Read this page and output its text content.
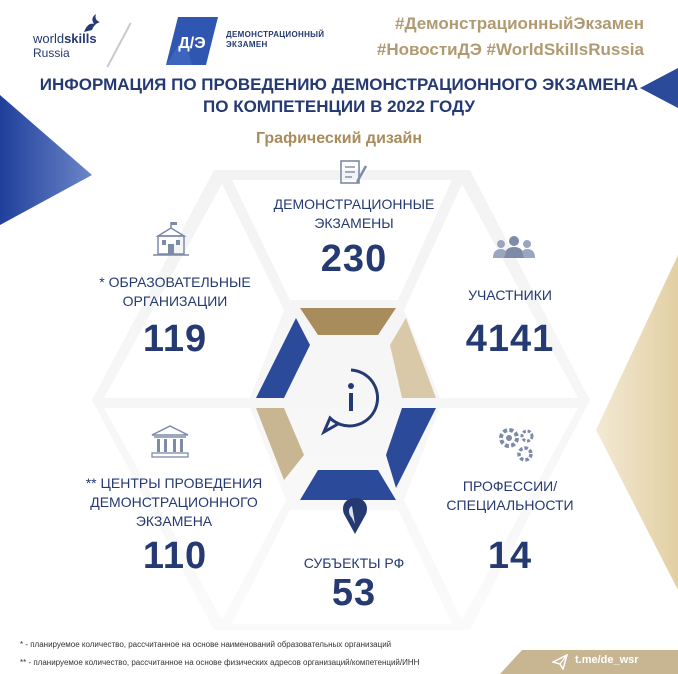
worldskills
Russia
Д/Э
ДЕМОНСТРАЦИОННЫЙ
ЭКЗАМЕН
#ДемонстрационныйЭкзамен
#НовостиДЭ #WorldSkillsRussia
ИНФОРМАЦИЯ ПО ПРОВЕДЕНИЮ ДЕМОНСТРАЦИОННОГО ЭКЗАМЕНА
ПО КОМПЕТЕНЦИИ В 2022 ГОДУ
Графический дизайн
ДЕМОНСТРАЦИОННЫЕ
ЭКЗАМЕНЫ
230
* ОБРАЗОВАТЕЛЬНЫЕ
ОРГАНИЗАЦИИ
119
УЧАСТНИКИ
4141
** ЦЕНТРЫ ПРОВЕДЕНИЯ
ДЕМОНСТРАЦИОННОГО
ЭКЗАМЕНА
110
ПРОФЕССИИ/
СПЕЦИАЛЬНОСТИ
14
СУБЪЕКТЫ РФ
53
* - планируемое количество, рассчитанное на основе наименований образовательных организаций
** - планируемое количество, рассчитанное на основе физических адресов организаций/компетенций/ИНН	t.me/de_wsr
